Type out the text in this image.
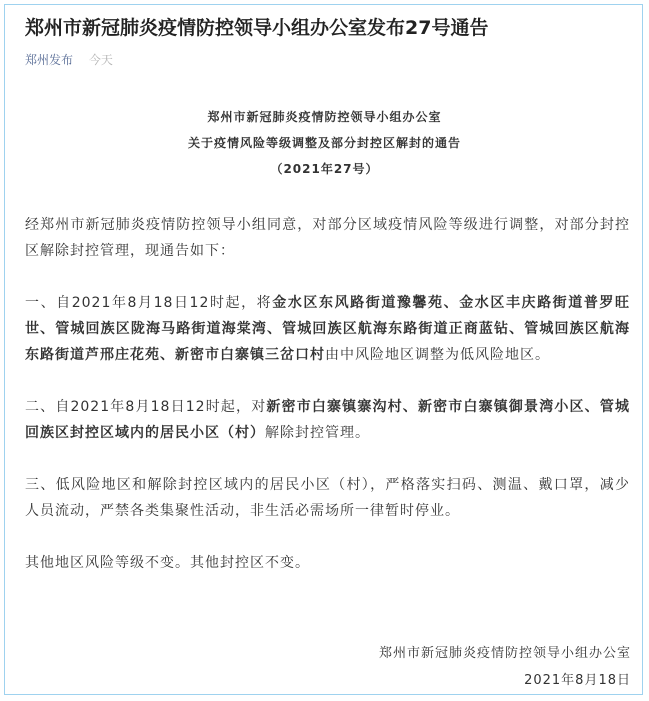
郑州市新冠肺炎疫情防控领导小组办公室发布27号通告
郑州发布 今天
郑州市新冠肺炎疫情防控领导小组办公室
关于疫情风险等级调整及部分封控区解封的通告
（2021年27号）

经郑州市新冠肺炎疫情防控领导小组同意，对部分区域疫情风险等级进行调整，对部分封控区解除封控管理，现通告如下：

一、自2021年8月18日12时起，将金水区东风路街道豫馨苑、金水区丰庆路街道普罗旺世、管城回族区陇海马路街道海棠湾、管城回族区航海东路街道正商蓝钻、管城回族区航海东路街道芦邢庄花苑、新密市白寨镇三岔口村由中风险地区调整为低风险地区。

二、自2021年8月18日12时起，对新密市白寨镇寨沟村、新密市白寨镇御景湾小区、管城回族区封控区域内的居民小区（村）解除封控管理。

三、低风险地区和解除封控区域内的居民小区（村），严格落实扫码、测温、戴口罩，减少人员流动，严禁各类集聚性活动，非生活必需场所一律暂时停业。

其他地区风险等级不变。其他封控区不变。

郑州市新冠肺炎疫情防控领导小组办公室
2021年8月18日
